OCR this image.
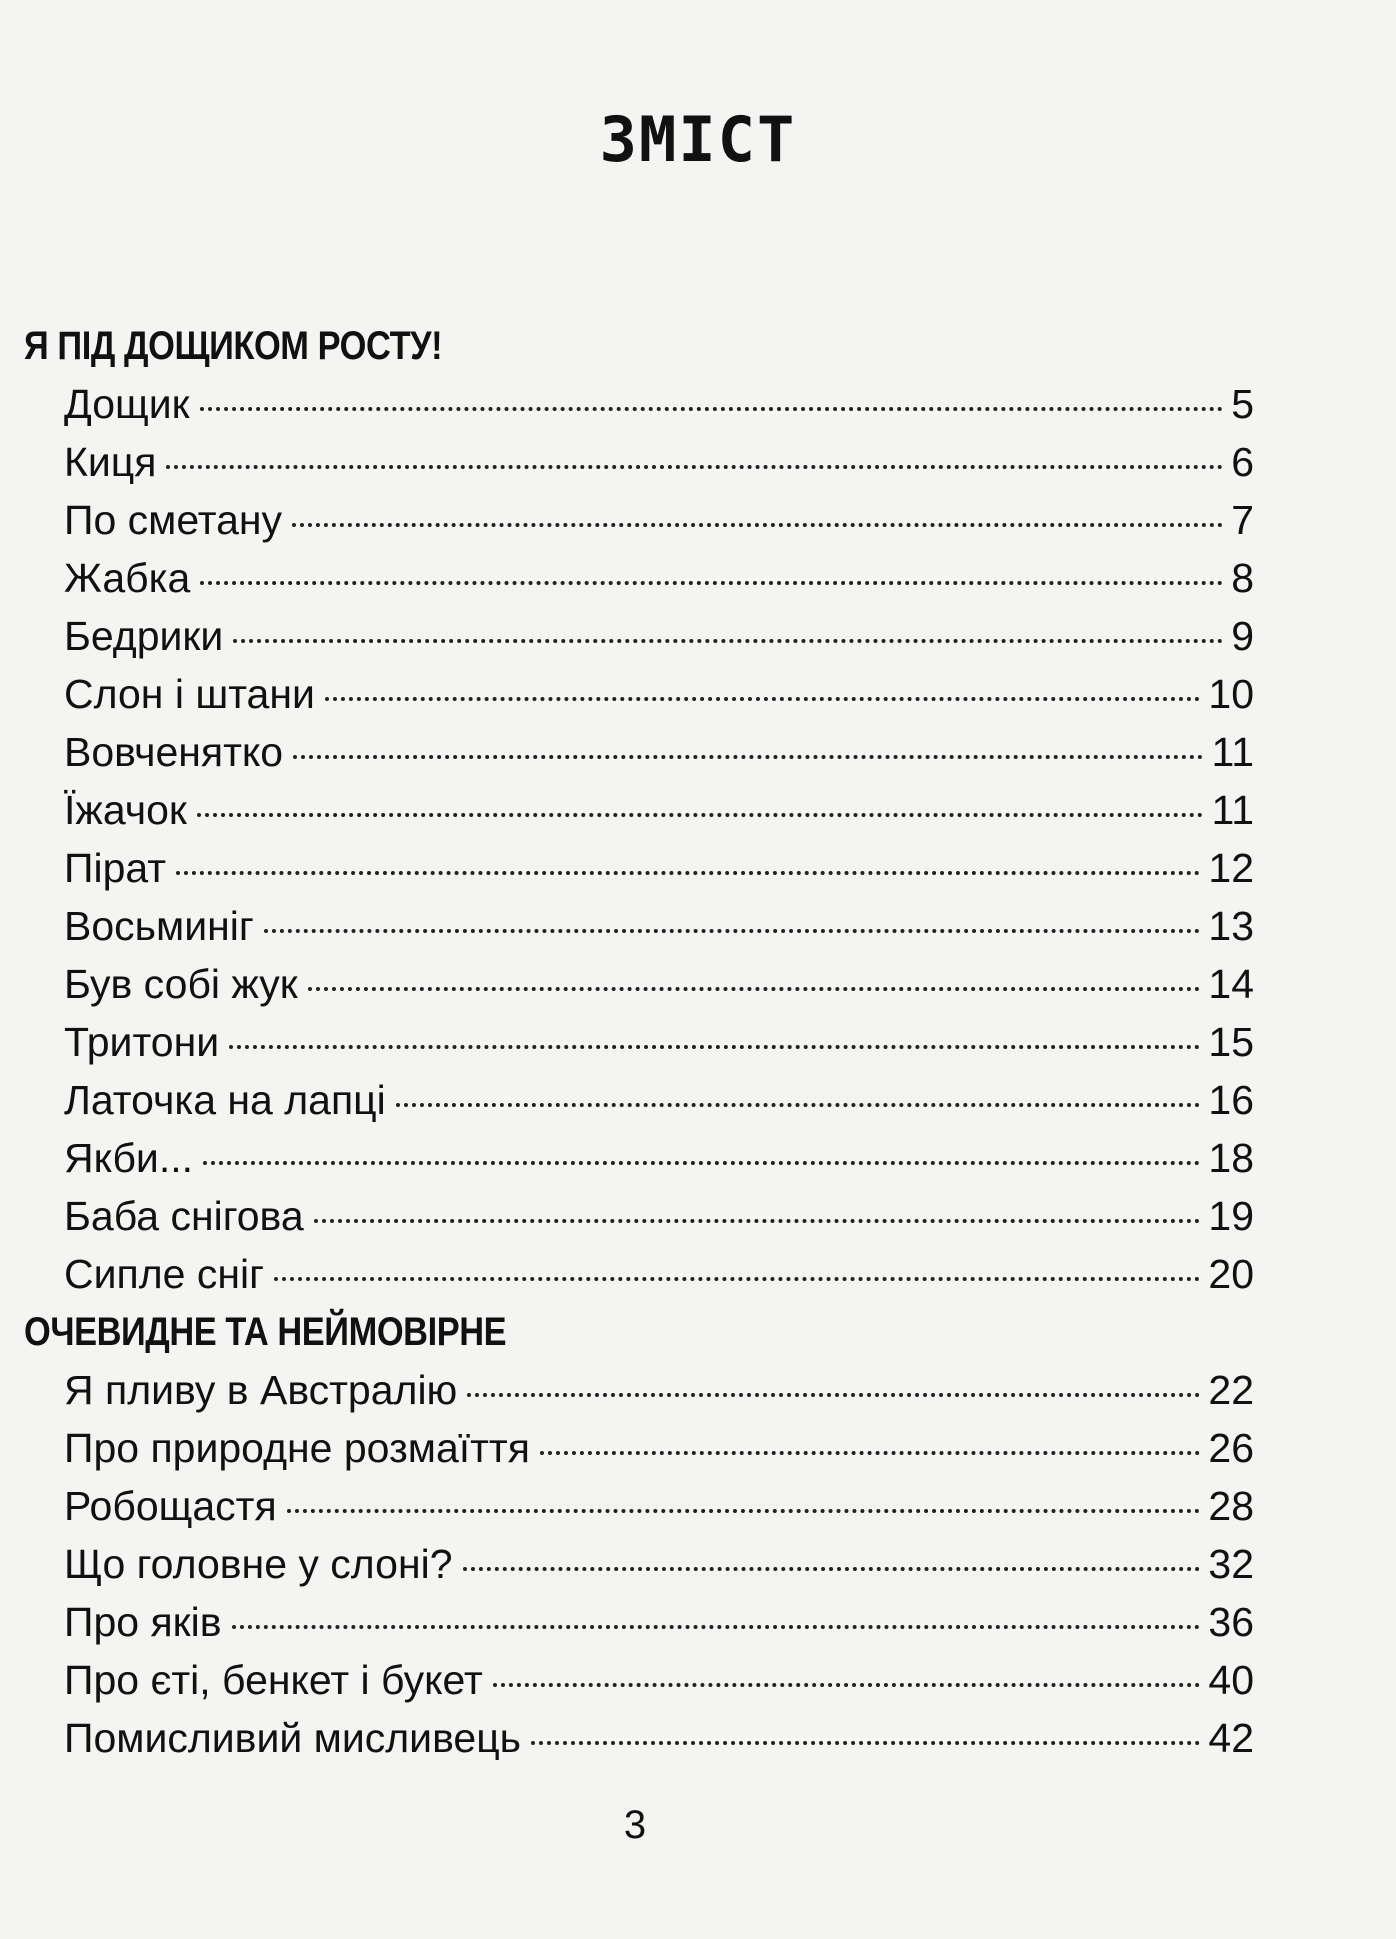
ЗМІСТ
Я ПІД ДОЩИКОМ РОСТУ!
Дощик	5
Киця	6
По сметану	7
Жабка	8
Бедрики	9
Слон і штани	10
Вовченятко	11
Їжачок	11
Пірат	12
Восьминіг	13
Був собі жук	14
Тритони	15
Латочка на лапці	16
Якби...	18
Баба снігова	19
Сипле сніг	20
ОЧЕВИДНЕ ТА НЕЙМОВІРНЕ
Я пливу в Австралію	22
Про природне розмаїття	26
Робощастя	28
Що головне у слоні?	32
Про яків	36
Про єті, бенкет і букет	40
Помисливий мисливець	42
3
